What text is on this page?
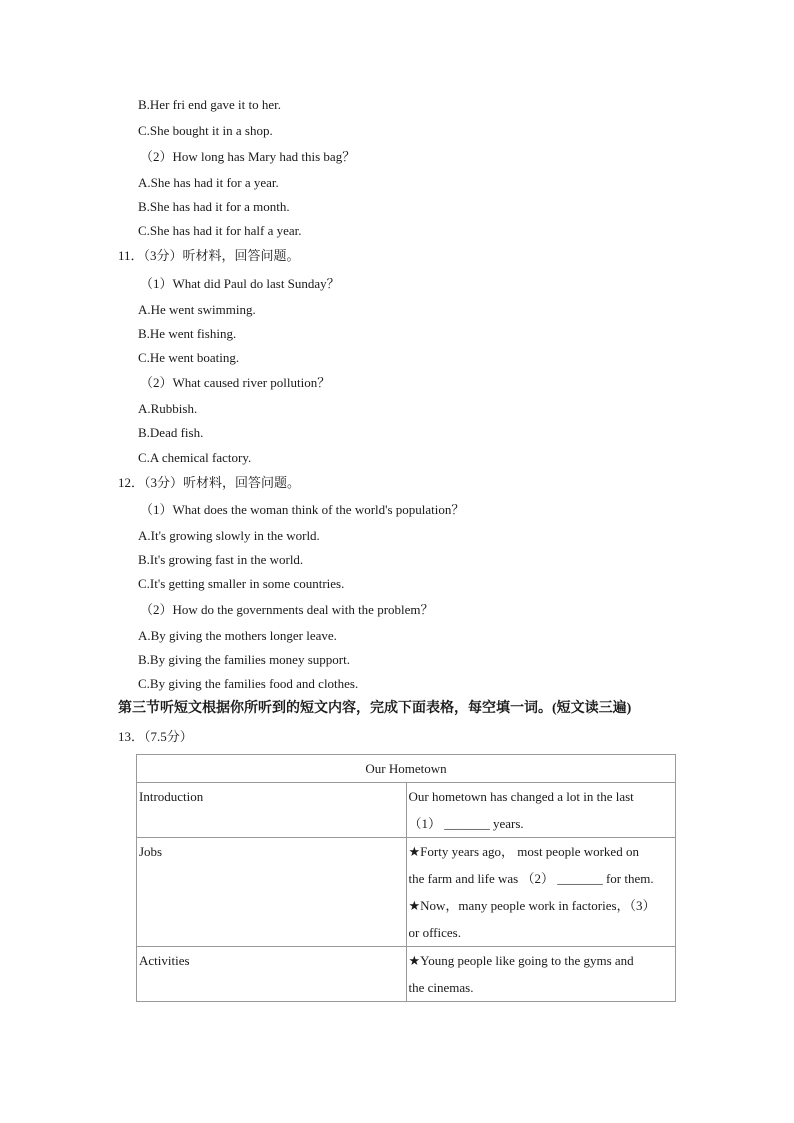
B.Her fri end gave it to her.
C.She bought it in a shop.
（2）How long has Mary had this bag？
A.She has had it for a year.
B.She has had it for a month.
C.She has had it for half a year.
11．（3分）听材料，回答问题。
（1）What did Paul do last Sunday？
A.He went swimming.
B.He went fishing.
C.He went boating.
（2）What caused river pollution？
A.Rubbish.
B.Dead fish.
C.A chemical factory.
12．（3分）听材料，回答问题。
（1）What does the woman think of the world's population？
A.It's growing slowly in the world.
B.It's growing fast in the world.
C.It's getting smaller in some countries.
（2）How do the governments deal with the problem？
A.By giving the mothers longer leave.
B.By giving the families money support.
C.By giving the families food and clothes.
第三节听短文根据你所听到的短文内容，完成下面表格，每空填一词。(短文读三遍)
13．（7.5分）
Our Hometown	
Introduction	Our hometown has changed a lot in the last
（1） _______ years.

Jobs	★Forty years ago， most people worked on
the farm and life was （2） _______ for them.
★Now，many people work in factories，（3）
or offices.

Activities	★Young people like going to the gyms and
the cinemas.
